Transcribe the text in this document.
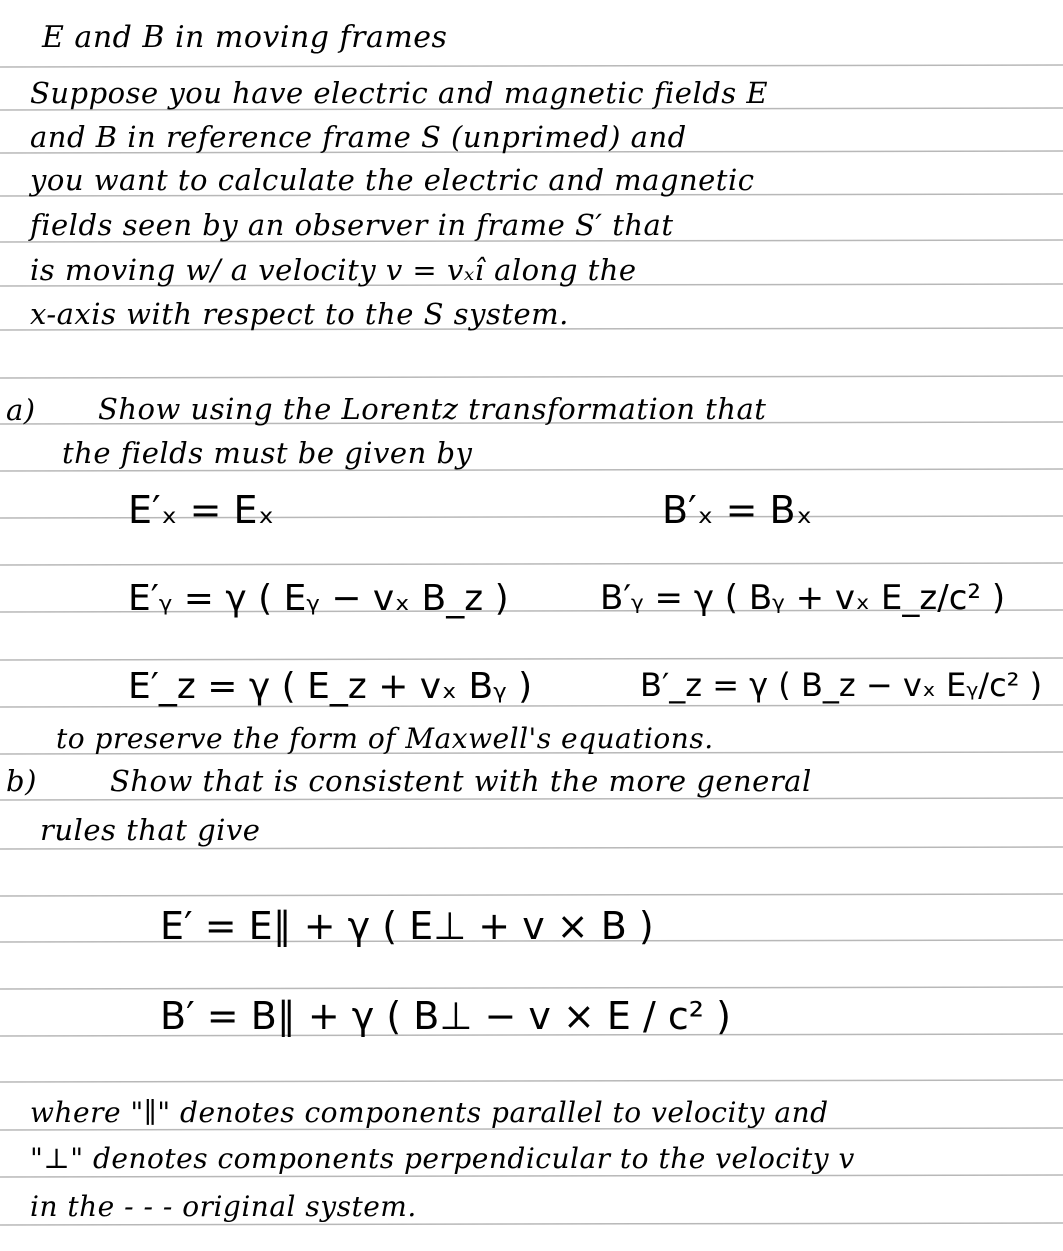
E and B in moving frames
Suppose you have electric and magnetic fields E
and B in reference frame S (unprimed) and
you want to calculate the electric and magnetic
fields seen by an observer in frame S′ that
is moving w/ a velocity v = vₓî along the
x-axis with respect to the S system.
a) Show using the Lorentz transformation that
the fields must be given by
E′ₓ = Eₓ	B′ₓ = Bₓ
E′ᵧ = γ ( Eᵧ − vₓ B_z )	B′ᵧ = γ ( Bᵧ + vₓ E_z/c² )
E′_z = γ ( E_z + vₓ Bᵧ )	B′_z = γ ( B_z − vₓ Eᵧ/c² )
to preserve the form of Maxwell's equations.
b)	Show that is consistent with the more general
rules that give
E′ = E∥ + γ ( E⊥ + v × B )
B′ = B∥ + γ ( B⊥ − v × E / c² )
where "∥" denotes components parallel to velocity and
"⊥" denotes components perpendicular to the velocity v
in the - - - original system.
